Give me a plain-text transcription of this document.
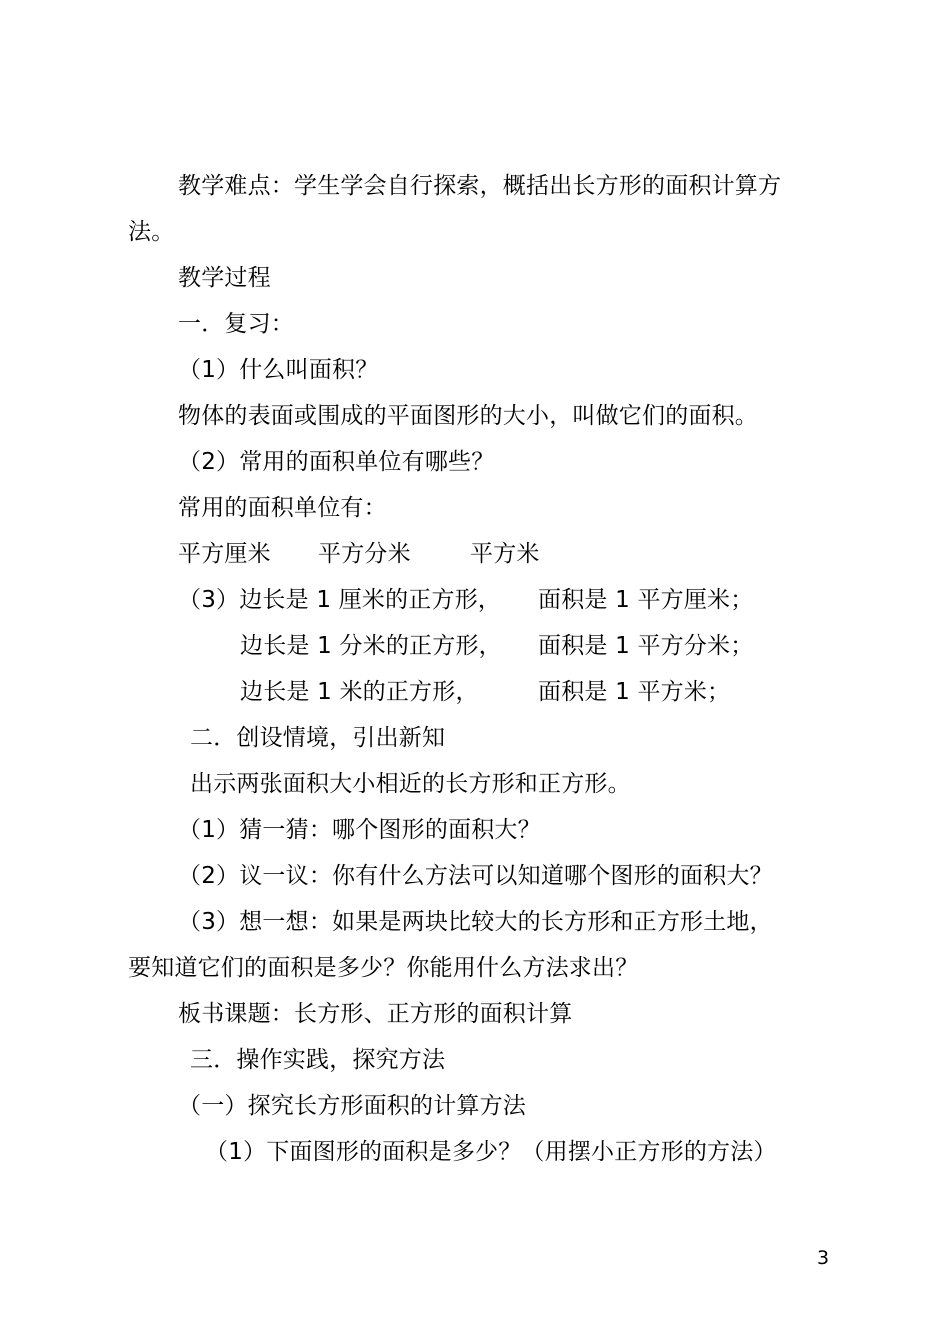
教学难点：学生学会自行探索，概括出长方形的面积计算方
法。
教学过程
一．复习：
（1）什么叫面积？
物体的表面或围成的平面图形的大小，叫做它们的面积。
（2）常用的面积单位有哪些？
常用的面积单位有：
平方厘米 平方分米	平方米
（3）边长是 1 厘米的正方形， 面积是 1 平方厘米；
边长是 1 分米的正方形， 面积是 1 平方分米；
边长是 1 米的正方形，	面积是 1 平方米；
二．创设情境，引出新知
出示两张面积大小相近的长方形和正方形。
（1）猜一猜：哪个图形的面积大？
（2）议一议：你有什么方法可以知道哪个图形的面积大？
（3）想一想：如果是两块比较大的长方形和正方形土地，
要知道它们的面积是多少？你能用什么方法求出？
板书课题：长方形、正方形的面积计算
三．操作实践，探究方法
（一）探究长方形面积的计算方法
（1）下面图形的面积是多少？（用摆小正方形的方法）
3
